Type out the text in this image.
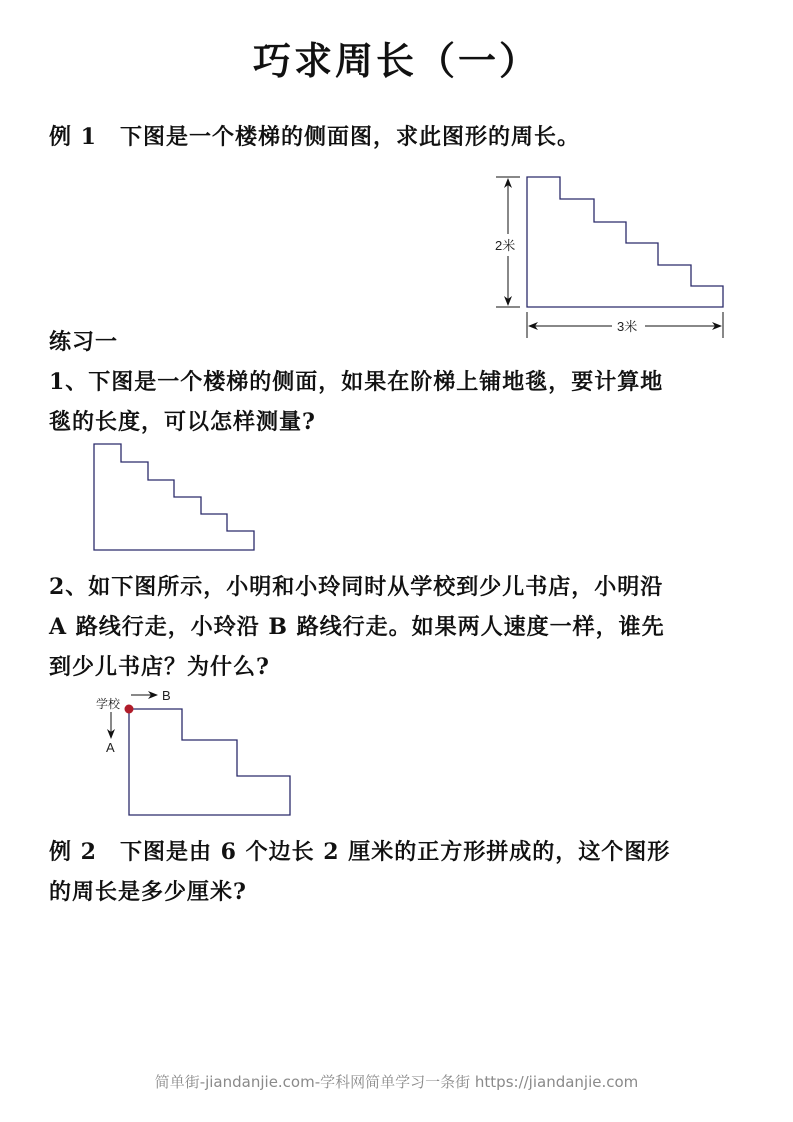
巧求周长（一）
例 1　下图是一个楼梯的侧面图，求此图形的周长。
2米
3米
B
A
学校
练习一
1、下图是一个楼梯的侧面，如果在阶梯上铺地毯，要计算地
毯的长度，可以怎样测量?
2、如下图所示，小明和小玲同时从学校到少儿书店，小明沿
A 路线行走，小玲沿 B 路线行走。如果两人速度一样，谁先
到少儿书店？为什么?
例 2　下图是由 6 个边长 2 厘米的正方形拼成的，这个图形
的周长是多少厘米?
简单街-jiandanjie.com-学科网简单学习一条街 https://jiandanjie.com
